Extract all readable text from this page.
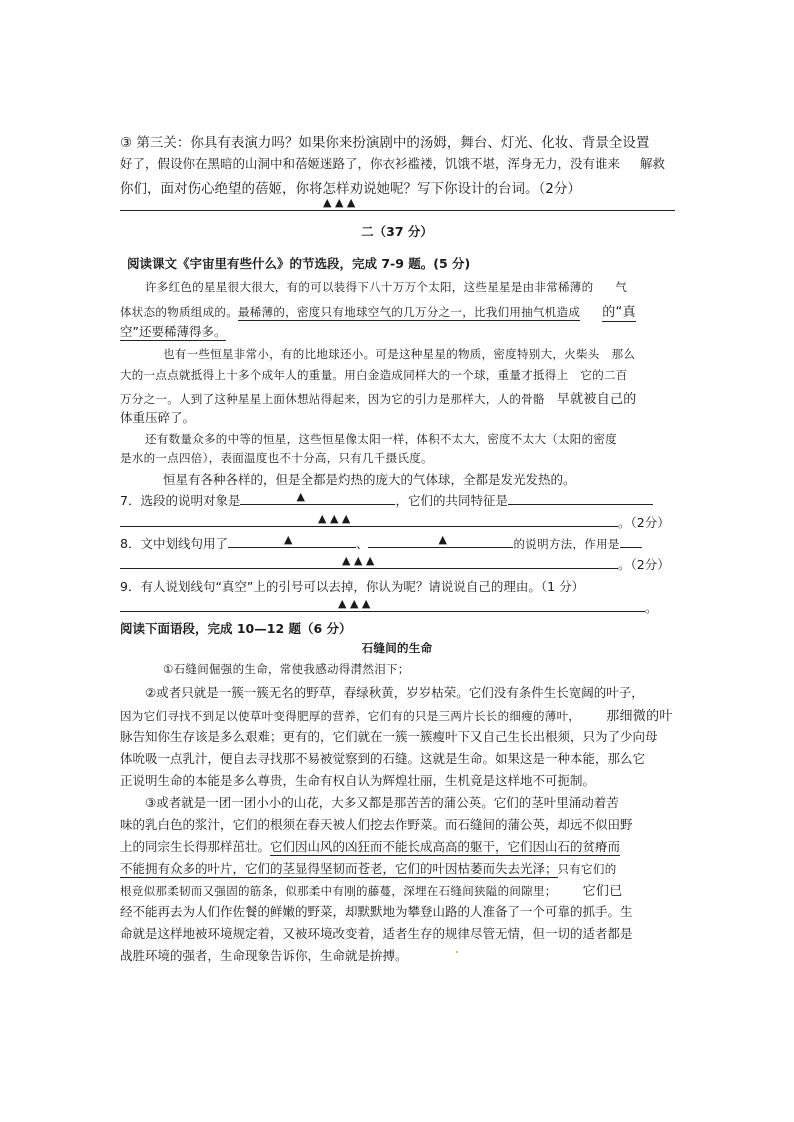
③ 第三关：你具有表演力吗？如果你来扮演剧中的汤姆，舞台、灯光、化妆、背景全设置
好了，假设你在黑暗的山洞中和蓓姬迷路了，你衣衫褴褛，饥饿不堪，浑身无力，没有谁来 解救
你们，面对伤心绝望的蓓姬，你将怎样劝说她呢？写下你设计的台词。（2分）
▲ ▲ ▲
二（37 分）
阅读课文《宇宙里有些什么》的节选段，完成 7-9 题。(5 分)
许多红色的星星很大很大，有的可以装得下八十万万个太阳，这些星星是由非常稀薄的 气
体状态的物质组成的。最稀薄的，密度只有地球空气的几万分之一，比我们用抽气机造成 的“真
空”还要稀薄得多。
也有一些恒星非常小，有的比地球还小。可是这种星星的物质，密度特别大，火柴头 那么
大的一点点就抵得上十多个成年人的重量。用白金造成同样大的一个球，重量才抵得上 它的二百
万分之一。人到了这种星星上面休想站得起来，因为它的引力是那样大，人的骨骼 早就被自己的
体重压碎了。
还有数量众多的中等的恒星，这些恒星像太阳一样，体积不太大，密度不太大（太阳的密度
是水的一点四倍），表面温度也不十分高，只有几千摄氏度。
恒星有各种各样的，但是全都是灼热的庞大的气体球，全都是发光发热的。
7．选段的说明对象是	▲	，它们的共同特征是
▲ ▲ ▲	。（2分）
8．文中划线句用了	▲	、	▲	的说明方法，作用是
▲ ▲ ▲	。（2分）
9．有人说划线句“真空”上的引号可以去掉，你认为呢？请说说自己的理由。（1 分）
▲ ▲ ▲	。
阅读下面语段，完成 10—12 题（6 分）
石缝间的生命
①石缝间倔强的生命，常使我感动得潸然泪下；
②或者只就是一簇一簇无名的野草，春绿秋黄，岁岁枯荣。它们没有条件生长宽阔的叶子，
因为它们寻找不到足以使草叶变得肥厚的营养，它们有的只是三两片长长的细瘦的薄叶， 那细微的叶
脉告知你生存该是多么艰难；更有的，它们就在一簇一簇瘦叶下又自己生长出根须，只为了少向母
体吮吸一点乳汁，便自去寻找那不易被觉察到的石缝。这就是生命。如果这是一种本能，那么它
正说明生命的本能是多么尊贵，生命有权自认为辉煌壮丽，生机竟是这样地不可扼制。
③或者就是一团一团小小的山花，大多又都是那苦苦的蒲公英。它们的茎叶里涌动着苦
味的乳白色的浆汁，它们的根须在春天被人们挖去作野菜。而石缝间的蒲公英，却远不似田野
上的同宗生长得那样茁壮。它们因山风的凶狂而不能长成高高的躯干，它们因山石的贫瘠而
不能拥有众多的叶片，它们的茎显得坚韧而苍老，它们的叶因枯萎而失去光泽；只有它们的
根竞似那柔韧而又强固的筋条，似那柔中有刚的藤蔓，深埋在石缝间狭隘的间隙里； 它们已
经不能再去为人们作佐餐的鲜嫩的野菜，却默默地为攀登山路的人准备了一个可靠的抓手。生
命就是这样地被环境规定着，又被环境改变着，适者生存的规律尽管无情，但一切的适者都是
战胜环境的强者，生命现象告诉你，生命就是拚搏。
